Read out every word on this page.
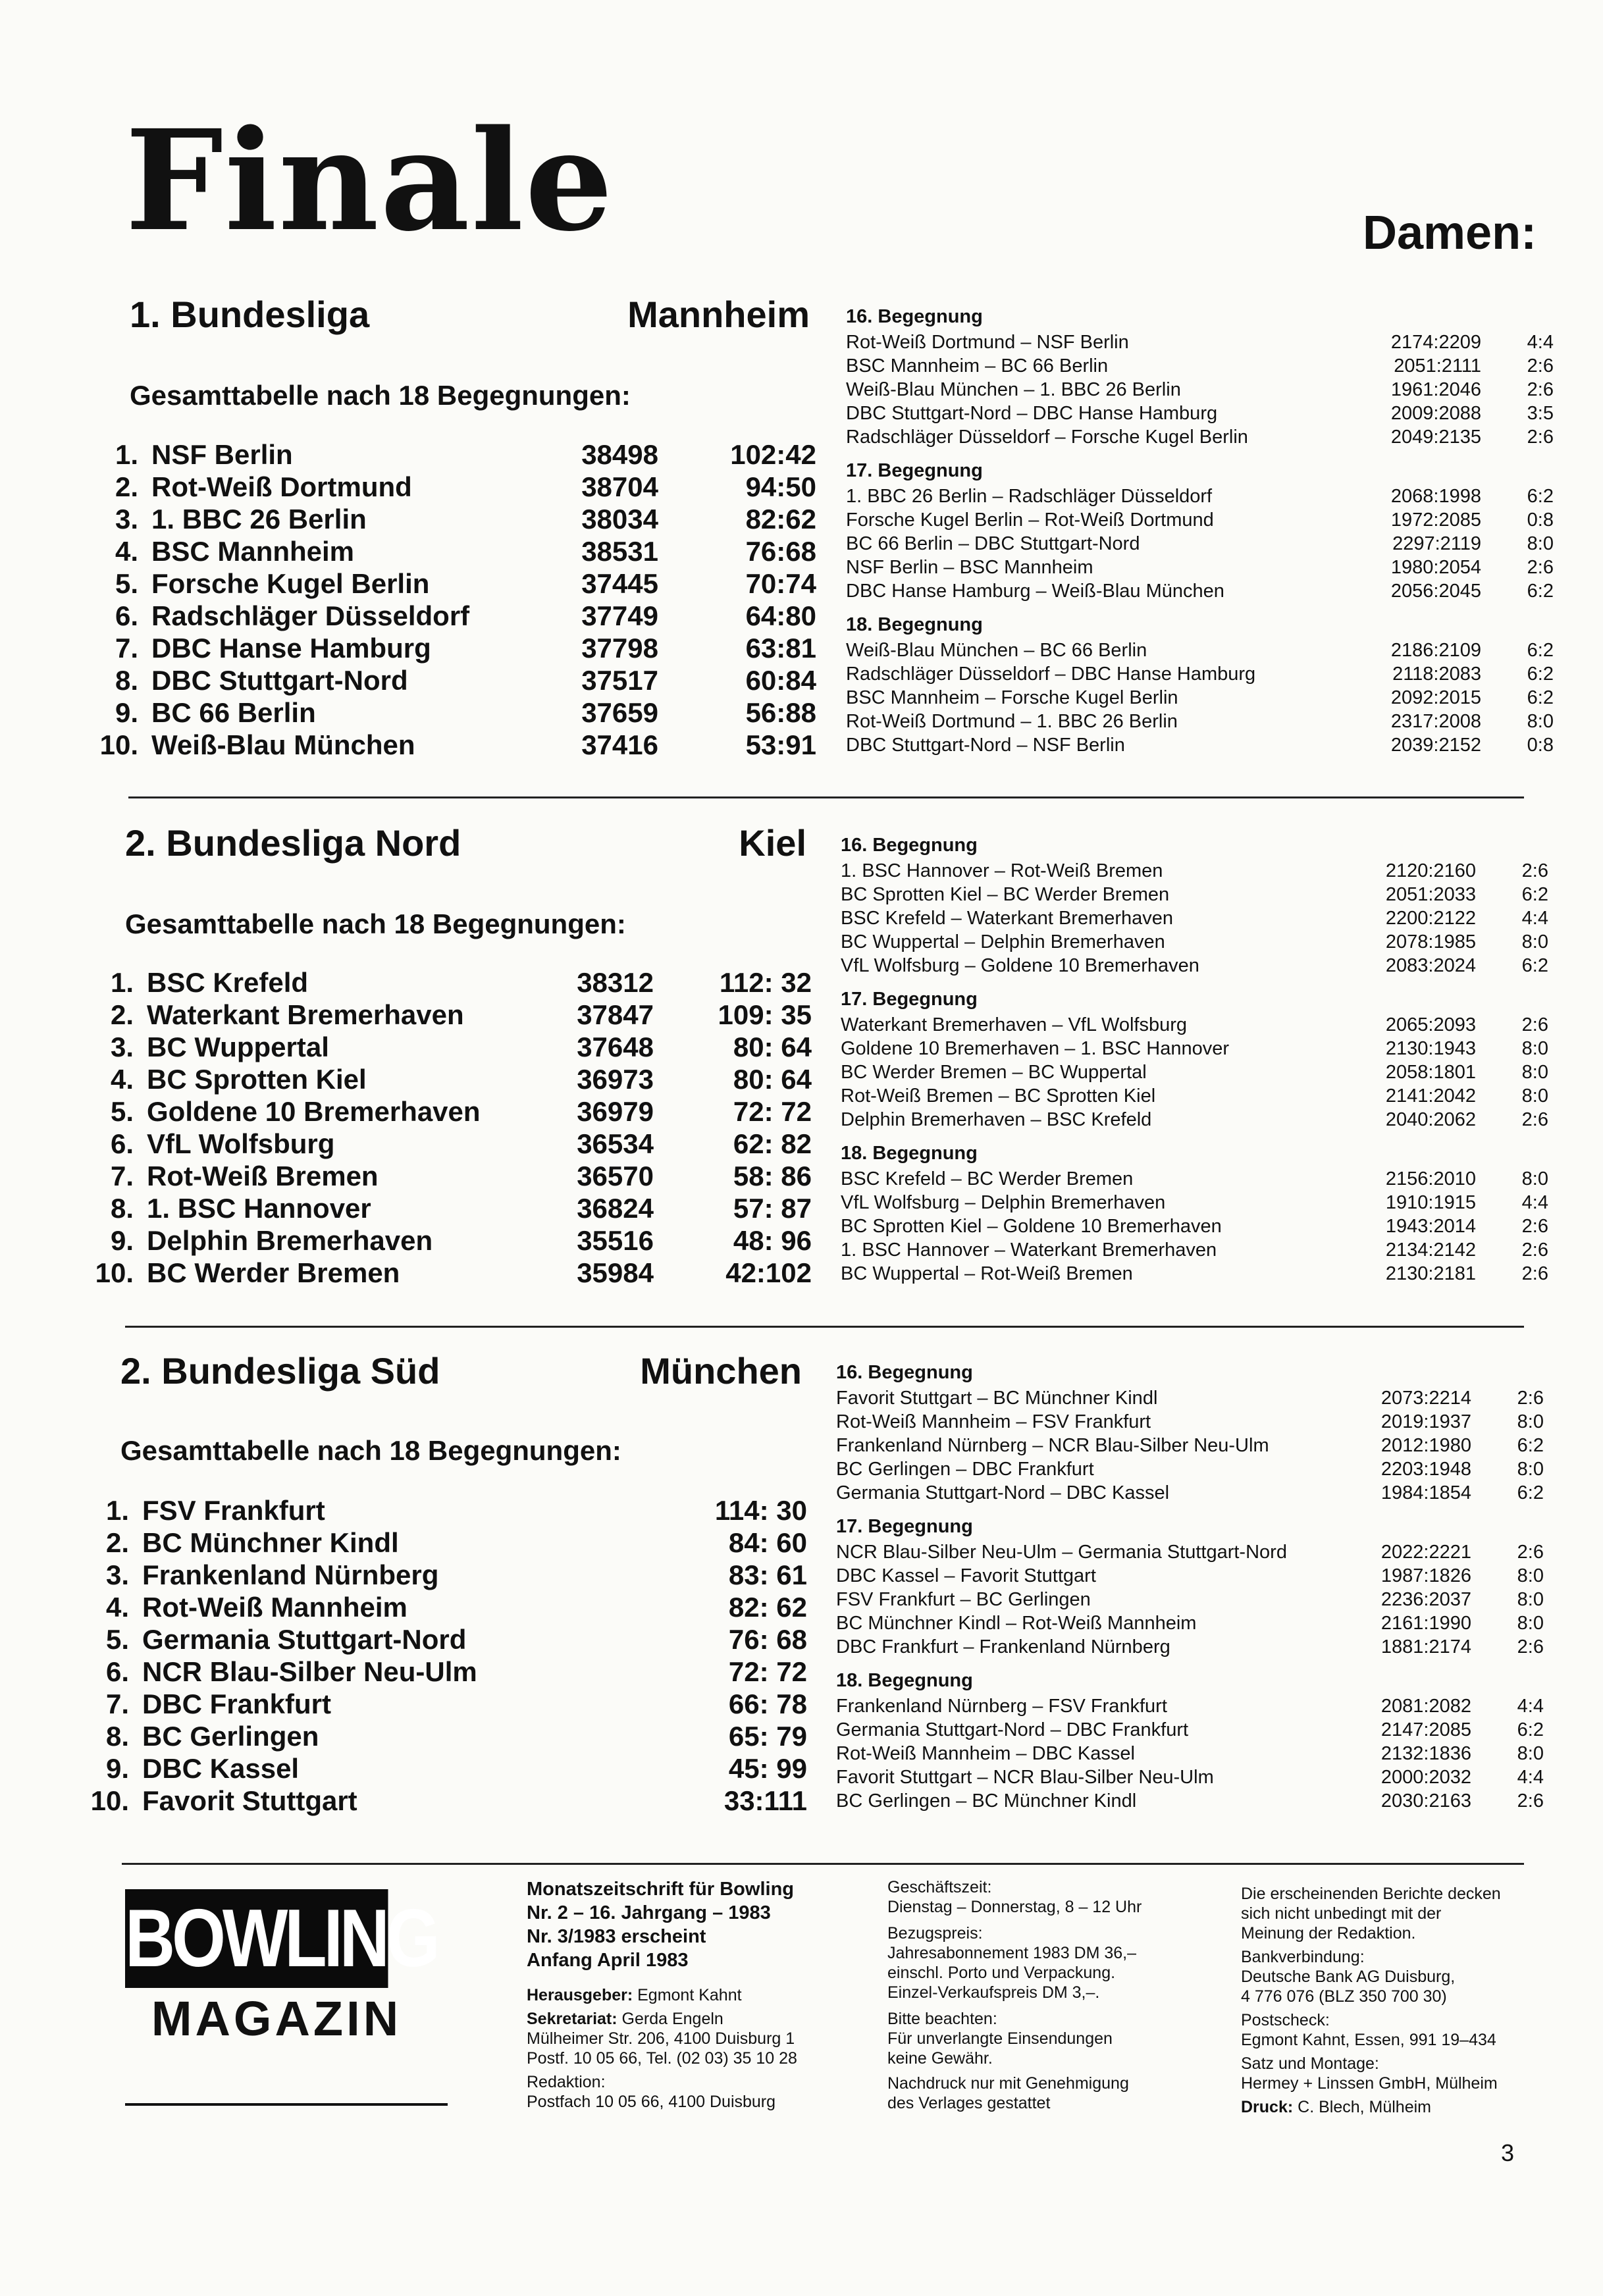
Finale	Damen:
1. Bundesliga	Mannheim
Gesamttabelle nach 18 Begegnungen:
1. NSF Berlin	38498	102:42
2. Rot-Weiß Dortmund	38704	94:50
3. 1. BBC 26 Berlin	38034	82:62
4. BSC Mannheim	38531	76:68
5. Forsche Kugel Berlin	37445	70:74
6. Radschläger Düsseldorf	37749	64:80
7. DBC Hanse Hamburg	37798	63:81
8. DBC Stuttgart-Nord	37517	60:84
9. BC 66 Berlin	37659	56:88
10. Weiß-Blau München	37416	53:91
16. Begegnung
Rot-Weiß Dortmund – NSF Berlin	2174:2209	4:4
BSC Mannheim – BC 66 Berlin	2051:2111	2:6
Weiß-Blau München – 1. BBC 26 Berlin	1961:2046	2:6
DBC Stuttgart-Nord – DBC Hanse Hamburg	2009:2088	3:5
Radschläger Düsseldorf – Forsche Kugel Berlin	2049:2135	2:6
17. Begegnung
1. BBC 26 Berlin – Radschläger Düsseldorf	2068:1998	6:2
Forsche Kugel Berlin – Rot-Weiß Dortmund	1972:2085	0:8
BC 66 Berlin – DBC Stuttgart-Nord	2297:2119	8:0
NSF Berlin – BSC Mannheim	1980:2054	2:6
DBC Hanse Hamburg – Weiß-Blau München	2056:2045	6:2
18. Begegnung
Weiß-Blau München – BC 66 Berlin	2186:2109	6:2
Radschläger Düsseldorf – DBC Hanse Hamburg	2118:2083	6:2
BSC Mannheim – Forsche Kugel Berlin	2092:2015	6:2
Rot-Weiß Dortmund – 1. BBC 26 Berlin	2317:2008	8:0
DBC Stuttgart-Nord – NSF Berlin	2039:2152	0:8
2. Bundesliga Nord	Kiel
Gesamttabelle nach 18 Begegnungen:
1. BSC Krefeld	38312	112: 32
2. Waterkant Bremerhaven	37847	109: 35
3. BC Wuppertal	37648	80: 64
4. BC Sprotten Kiel	36973	80: 64
5. Goldene 10 Bremerhaven	36979	72: 72
6. VfL Wolfsburg	36534	62: 82
7. Rot-Weiß Bremen	36570	58: 86
8. 1. BSC Hannover	36824	57: 87
9. Delphin Bremerhaven	35516	48: 96
10. BC Werder Bremen	35984	42:102
16. Begegnung
1. BSC Hannover – Rot-Weiß Bremen	2120:2160	2:6
BC Sprotten Kiel – BC Werder Bremen	2051:2033	6:2
BSC Krefeld – Waterkant Bremerhaven	2200:2122	4:4
BC Wuppertal – Delphin Bremerhaven	2078:1985	8:0
VfL Wolfsburg – Goldene 10 Bremerhaven	2083:2024	6:2
17. Begegnung
Waterkant Bremerhaven – VfL Wolfsburg	2065:2093	2:6
Goldene 10 Bremerhaven – 1. BSC Hannover	2130:1943	8:0
BC Werder Bremen – BC Wuppertal	2058:1801	8:0
Rot-Weiß Bremen – BC Sprotten Kiel	2141:2042	8:0
Delphin Bremerhaven – BSC Krefeld	2040:2062	2:6
18. Begegnung
BSC Krefeld – BC Werder Bremen	2156:2010	8:0
VfL Wolfsburg – Delphin Bremerhaven	1910:1915	4:4
BC Sprotten Kiel – Goldene 10 Bremerhaven	1943:2014	2:6
1. BSC Hannover – Waterkant Bremerhaven	2134:2142	2:6
BC Wuppertal – Rot-Weiß Bremen	2130:2181	2:6
2. Bundesliga Süd	München
Gesamttabelle nach 18 Begegnungen:
1. FSV Frankfurt	114: 30
2. BC Münchner Kindl	84: 60
3. Frankenland Nürnberg	83: 61
4. Rot-Weiß Mannheim	82: 62
5. Germania Stuttgart-Nord	76: 68
6. NCR Blau-Silber Neu-Ulm	72: 72
7. DBC Frankfurt	66: 78
8. BC Gerlingen	65: 79
9. DBC Kassel	45: 99
10. Favorit Stuttgart	33:111
16. Begegnung
Favorit Stuttgart – BC Münchner Kindl	2073:2214	2:6
Rot-Weiß Mannheim – FSV Frankfurt	2019:1937	8:0
Frankenland Nürnberg – NCR Blau-Silber Neu-Ulm	2012:1980	6:2
BC Gerlingen – DBC Frankfurt	2203:1948	8:0
Germania Stuttgart-Nord – DBC Kassel	1984:1854	6:2
17. Begegnung
NCR Blau-Silber Neu-Ulm – Germania Stuttgart-Nord	2022:2221	2:6
DBC Kassel – Favorit Stuttgart	1987:1826	8:0
FSV Frankfurt – BC Gerlingen	2236:2037	8:0
BC Münchner Kindl – Rot-Weiß Mannheim	2161:1990	8:0
DBC Frankfurt – Frankenland Nürnberg	1881:2174	2:6
18. Begegnung
Frankenland Nürnberg – FSV Frankfurt	2081:2082	4:4
Germania Stuttgart-Nord – DBC Frankfurt	2147:2085	6:2
Rot-Weiß Mannheim – DBC Kassel	2132:1836	8:0
Favorit Stuttgart – NCR Blau-Silber Neu-Ulm	2000:2032	4:4
BC Gerlingen – BC Münchner Kindl	2030:2163	2:6
BOWLING
MAGAZIN
Monatszeitschrift für Bowling
Nr. 2 – 16. Jahrgang – 1983
Nr. 3/1983 erscheint
Anfang April 1983
Herausgeber: Egmont Kahnt
Sekretariat: Gerda Engeln
Mülheimer Str. 206, 4100 Duisburg 1
Postf. 10 05 66, Tel. (02 03) 35 10 28
Redaktion:
Postfach 10 05 66, 4100 Duisburg
Geschäftszeit:
Dienstag – Donnerstag, 8 – 12 Uhr
Bezugspreis:
Jahresabonnement 1983 DM 36,–
einschl. Porto und Verpackung.
Einzel-Verkaufspreis DM 3,–.
Bitte beachten:
Für unverlangte Einsendungen
keine Gewähr.
Nachdruck nur mit Genehmigung
des Verlages gestattet
Die erscheinenden Berichte decken
sich nicht unbedingt mit der
Meinung der Redaktion.
Bankverbindung:
Deutsche Bank AG Duisburg,
4 776 076 (BLZ 350 700 30)
Postscheck:
Egmont Kahnt, Essen, 991 19–434
Satz und Montage:
Hermey + Linssen GmbH, Mülheim
Druck: C. Blech, Mülheim
3
